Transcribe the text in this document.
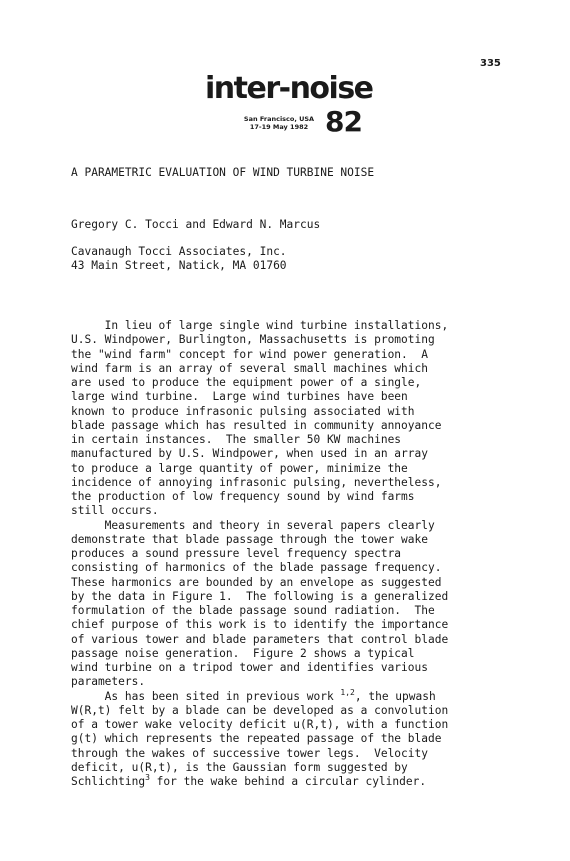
335
inter-noise
San Francisco, USA
17-19 May 1982 82
A PARAMETRIC EVALUATION OF WIND TURBINE NOISE
Gregory C. Tocci and Edward N. Marcus
Cavanaugh Tocci Associates, Inc.
43 Main Street, Natick, MA 01760
In lieu of large single wind turbine installations,
U.S. Windpower, Burlington, Massachusetts is promoting
the "wind farm" concept for wind power generation.  A
wind farm is an array of several small machines which
are used to produce the equipment power of a single,
large wind turbine.  Large wind turbines have been
known to produce infrasonic pulsing associated with
blade passage which has resulted in community annoyance
in certain instances.  The smaller 50 KW machines
manufactured by U.S. Windpower, when used in an array
to produce a large quantity of power, minimize the
incidence of annoying infrasonic pulsing, nevertheless,
the production of low frequency sound by wind farms
still occurs.
Measurements and theory in several papers clearly
demonstrate that blade passage through the tower wake
produces a sound pressure level frequency spectra
consisting of harmonics of the blade passage frequency.
These harmonics are bounded by an envelope as suggested
by the data in Figure 1.  The following is a generalized
formulation of the blade passage sound radiation.  The
chief purpose of this work is to identify the importance
of various tower and blade parameters that control blade
passage noise generation.  Figure 2 shows a typical
wind turbine on a tripod tower and identifies various
parameters.
As has been sited in previous work $^{1,2}$, the upwash
W(R,t) felt by a blade can be developed as a convolution
of a tower wake velocity deficit u(R,t), with a function
g(t) which represents the repeated passage of the blade
through the wakes of successive tower legs.  Velocity
deficit, u(R,t), is the Gaussian form suggested by
Schlichting$^3$ for the wake behind a circular cylinder.
